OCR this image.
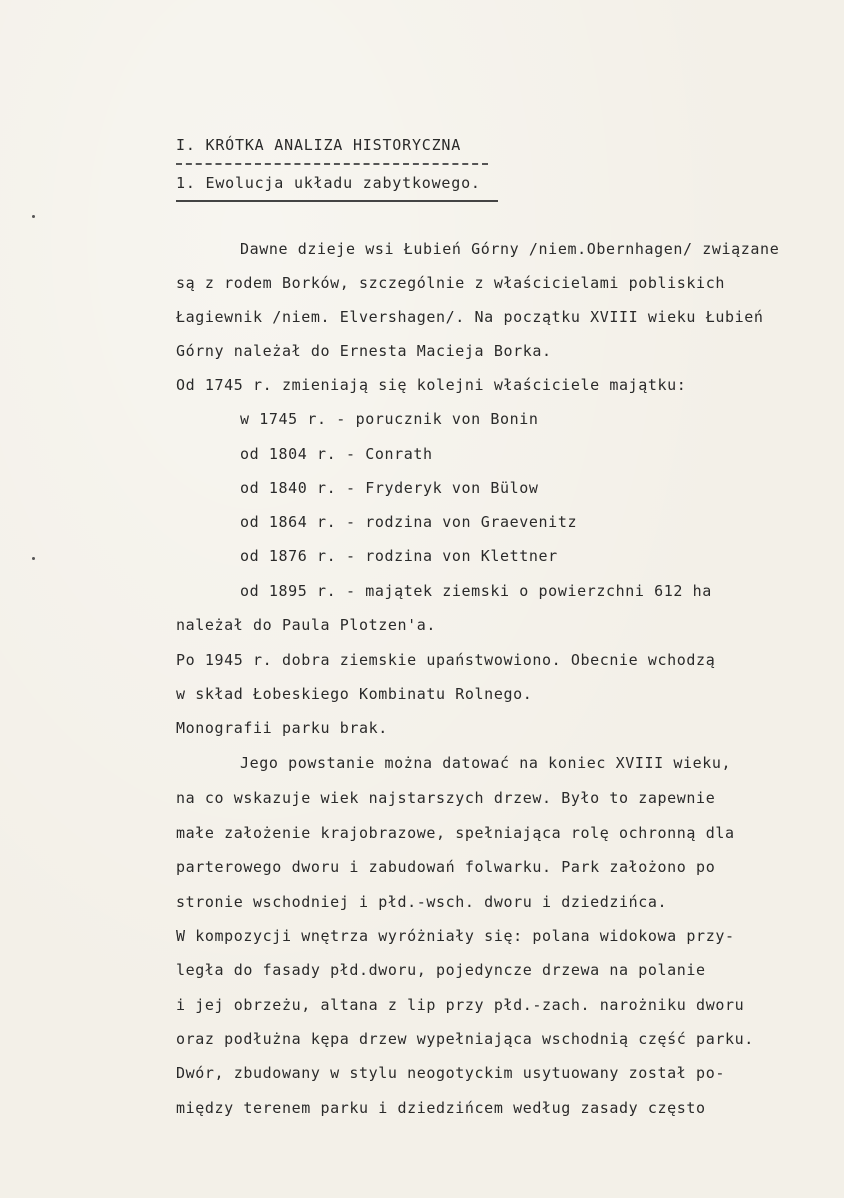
I. KRÓTKA ANALIZA HISTORYCZNA
1. Ewolucja układu zabytkowego.
Dawne dzieje wsi Łubień Górny /niem.Obernhagen/ związane
są z rodem Borków, szczególnie z właścicielami pobliskich
Łagiewnik /niem. Elvershagen/. Na początku XVIII wieku Łubień
Górny należał do Ernesta Macieja Borka.
Od 1745 r. zmieniają się kolejni właściciele majątku:
w 1745 r. - porucznik von Bonin
od 1804 r. - Conrath
od 1840 r. - Fryderyk von Bülow
od 1864 r. - rodzina von Graevenitz
od 1876 r. - rodzina von Klettner
od 1895 r. - majątek ziemski o powierzchni 612 ha
należał do Paula Plotzen'a.
Po 1945 r. dobra ziemskie upaństwowiono. Obecnie wchodzą
w skład Łobeskiego Kombinatu Rolnego.
Monografii parku brak.
Jego powstanie można datować na koniec XVIII wieku,
na co wskazuje wiek najstarszych drzew. Było to zapewnie
małe założenie krajobrazowe, spełniająca rolę ochronną dla
parterowego dworu i zabudowań folwarku. Park założono po
stronie wschodniej i płd.-wsch. dworu i dziedzińca.
W kompozycji wnętrza wyróżniały się: polana widokowa przy-
legła do fasady płd.dworu, pojedyncze drzewa na polanie
i jej obrzeżu, altana z lip przy płd.-zach. narożniku dworu
oraz podłużna kępa drzew wypełniająca wschodnią część parku.
Dwór, zbudowany w stylu neogotyckim usytuowany został po-
między terenem parku i dziedzińcem według zasady często
